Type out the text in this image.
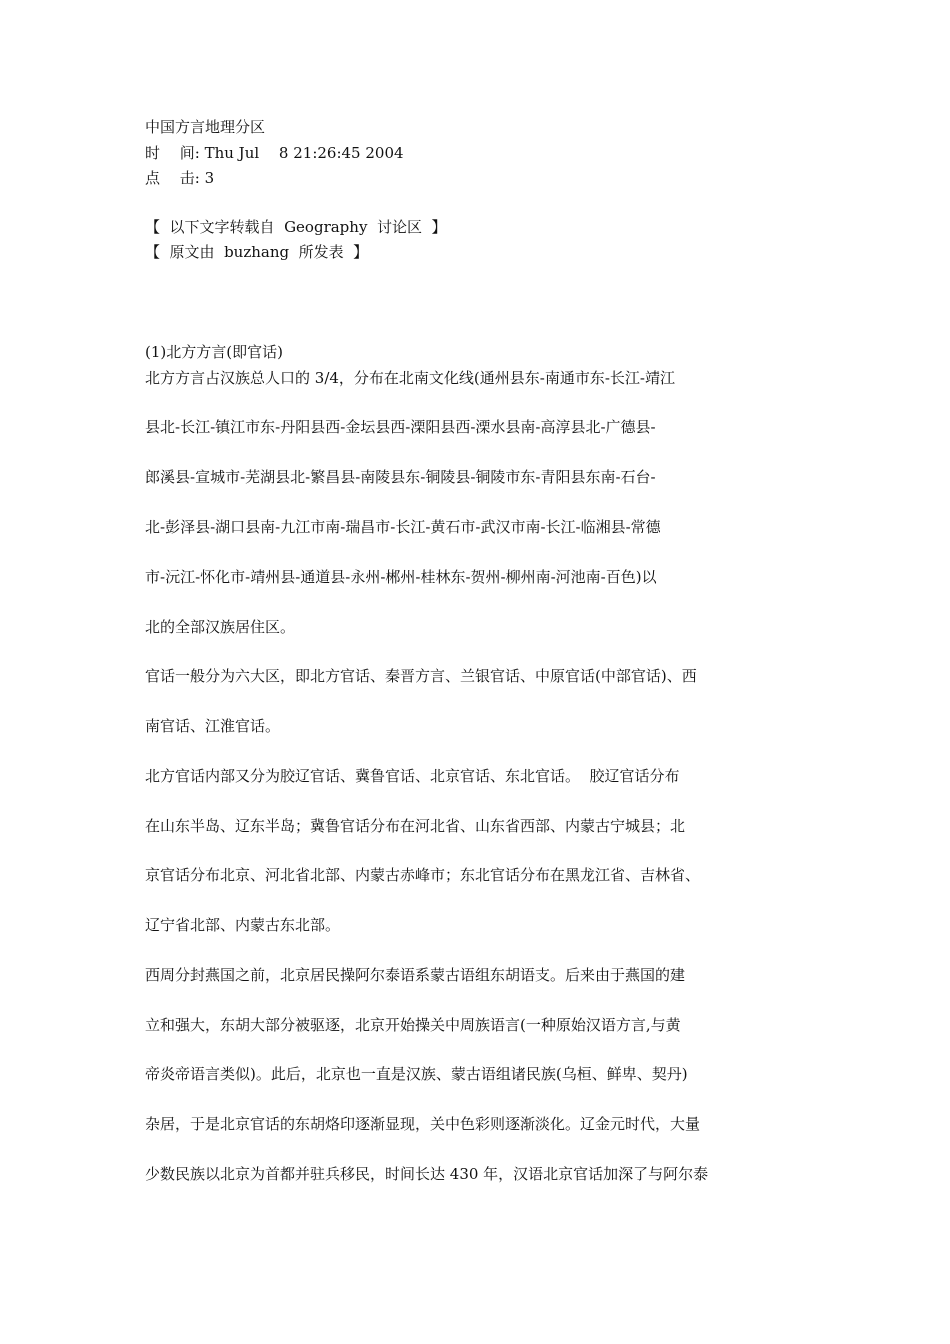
中国方言地理分区
时　 间: Thu Jul 　8 21:26:45 2004
点　 击: 3
【  以下文字转载自  Geography  讨论区  】
【  原文由  buzhang  所发表  】
(1)北方方言(即官话)
北方方言占汉族总人口的 3/4，分布在北南文化线(通州县东-南通市东-长江-靖江
县北-长江-镇江市东-丹阳县西-金坛县西-溧阳县西-溧水县南-高淳县北-广德县-
郎溪县-宣城市-芜湖县北-繁昌县-南陵县东-铜陵县-铜陵市东-青阳县东南-石台-
北-彭泽县-湖口县南-九江市南-瑞昌市-长江-黄石市-武汉市南-长江-临湘县-常德
市-沅江-怀化市-靖州县-通道县-永州-郴州-桂林东-贺州-柳州南-河池南-百色)以
北的全部汉族居住区。
官话一般分为六大区，即北方官话、秦晋方言、兰银官话、中原官话(中部官话)、西
南官话、江淮官话。
北方官话内部又分为胶辽官话、冀鲁官话、北京官话、东北官话。  胶辽官话分布
在山东半岛、辽东半岛；冀鲁官话分布在河北省、山东省西部、内蒙古宁城县；北
京官话分布北京、河北省北部、内蒙古赤峰市；东北官话分布在黑龙江省、吉林省、
辽宁省北部、内蒙古东北部。
西周分封燕国之前，北京居民操阿尔泰语系蒙古语组东胡语支。后来由于燕国的建
立和强大，东胡大部分被驱逐，北京开始操关中周族语言(一种原始汉语方言,与黄
帝炎帝语言类似)。此后，北京也一直是汉族、蒙古语组诸民族(乌桓、鲜卑、契丹)
杂居，于是北京官话的东胡烙印逐渐显现，关中色彩则逐渐淡化。辽金元时代，大量
少数民族以北京为首都并驻兵移民，时间长达 430 年，汉语北京官话加深了与阿尔泰
